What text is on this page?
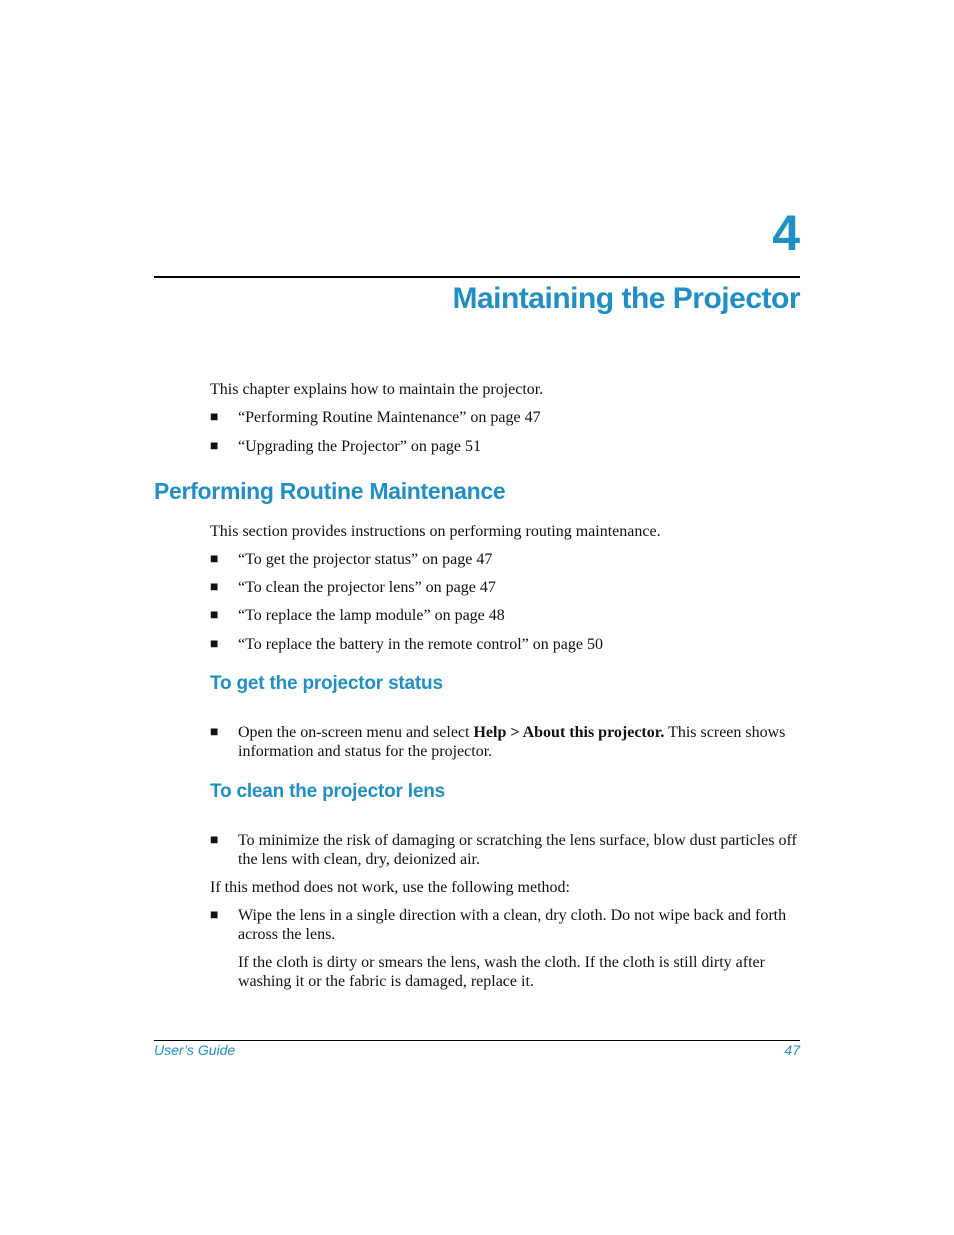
4
Maintaining the Projector
This chapter explains how to maintain the projector.
■ “Performing Routine Maintenance” on page 47
■ “Upgrading the Projector” on page 51
Performing Routine Maintenance
This section provides instructions on performing routing maintenance.
■ “To get the projector status” on page 47
■ “To clean the projector lens” on page 47
■ “To replace the lamp module” on page 48
■ “To replace the battery in the remote control” on page 50
To get the projector status
■ Open the on-screen menu and select Help > About this projector. This screen shows information and status for the projector.
To clean the projector lens
■ To minimize the risk of damaging or scratching the lens surface, blow dust particles off the lens with clean, dry, deionized air.
If this method does not work, use the following method:
■ Wipe the lens in a single direction with a clean, dry cloth. Do not wipe back and forth across the lens.
If the cloth is dirty or smears the lens, wash the cloth. If the cloth is still dirty after washing it or the fabric is damaged, replace it.
User’s Guide	47
